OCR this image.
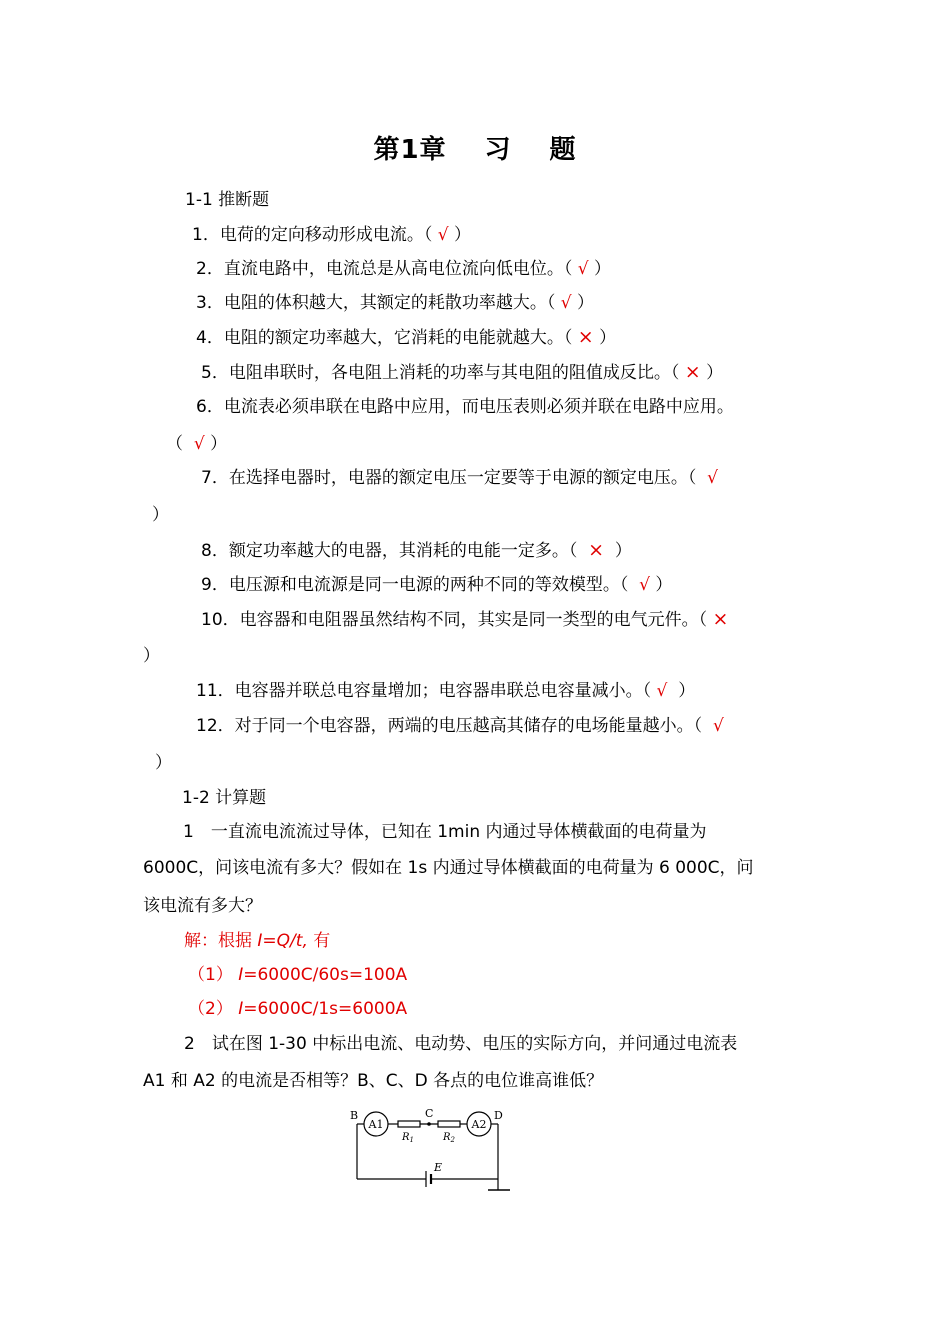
第1章 习 题
1-1 推断题
1．电荷的定向移动形成电流。（ √ ）
2．直流电路中，电流总是从高电位流向低电位。（ √ ）
3．电阻的体积越大，其额定的耗散功率越大。（ √ ）
4．电阻的额定功率越大，它消耗的电能就越大。（ × ）
5．电阻串联时，各电阻上消耗的功率与其电阻的阻值成反比。（ × ）
6．电流表必须串联在电路中应用，而电压表则必须并联在电路中应用。
（ √ ）
7．在选择电器时，电器的额定电压一定要等于电源的额定电压。（ √
）
8．额定功率越大的电器，其消耗的电能一定多。（ × ）
9．电压源和电流源是同一电源的两种不同的等效模型。（ √ ）
10．电容器和电阻器虽然结构不同，其实是同一类型的电气元件。（ ×
）
11．电容器并联总电容量增加；电容器串联总电容量减小。（ √ ）
12．对于同一个电容器，两端的电压越高其储存的电场能量越小。（ √
）
1-2 计算题
1　一直流电流流过导体，已知在 1min 内通过导体横截面的电荷量为
6000C，问该电流有多大？假如在 1s 内通过导体横截面的电荷量为 6 000C，问
该电流有多大？
解：根据 I=Q/t, 有
（1） I=6000C/60s=100A
（2） I=6000C/1s=6000A
2　试在图 1-30 中标出电流、电动势、电压的实际方向，并问通过电流表
A1 和 A2 的电流是否相等？B、C、D 各点的电位谁高谁低？
B	C	D
A1	A2
$R_1$	$R_2$
E
